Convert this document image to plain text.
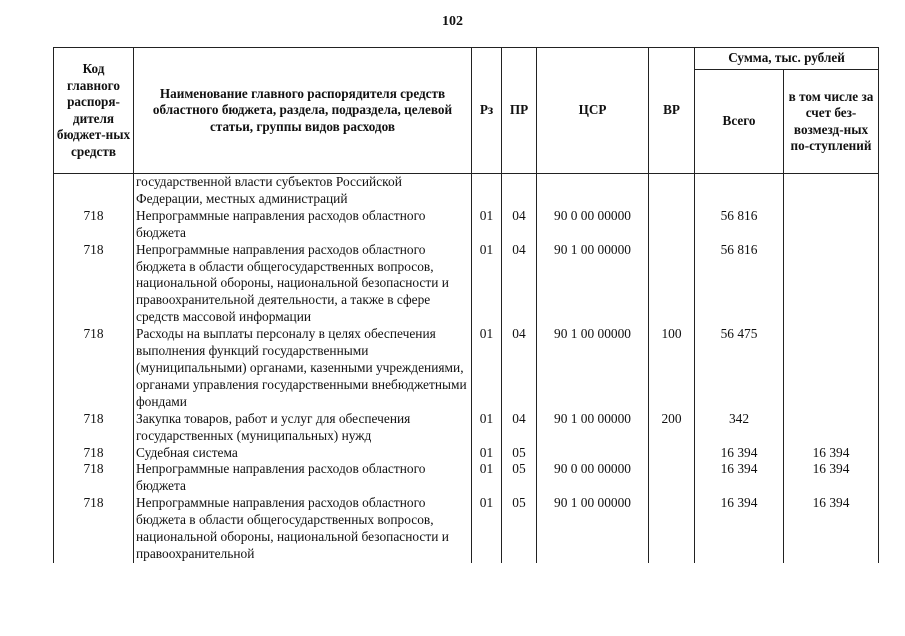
102
Код главного распоря-дителя бюджет-ных средств	Наименование главного распорядителя средств областного бюджета, раздела, подраздела, целевой статьи, группы видов расходов	Рз	ПР	ЦСР	ВР	Сумма, тыс. рублей	
						Всего	в том числе за счет без-возмезд-ных по-ступлений
	государственной власти субъектов Российской Федерации, местных администраций						
718	Непрограммные направления расходов областного бюджета	01	04	90 0 00 00000		56 816	
718	Непрограммные направления расходов областного бюджета в области общегосударственных вопросов, национальной обороны, национальной безопасности и правоохранительной деятельности, а также в сфере средств массовой информации	01	04	90 1 00 00000		56 816	
718	Расходы на выплаты персоналу в целях обеспечения выполнения функций государственными (муниципальными) органами, казенными учреждениями, органами управления государственными внебюджетными фондами	01	04	90 1 00 00000	100	56 475	
718	Закупка товаров, работ и услуг для обеспечения государственных (муниципальных) нужд	01	04	90 1 00 00000	200	342	
718	Судебная система	01	05			16 394	16 394
718	Непрограммные направления расходов областного бюджета	01	05	90 0 00 00000		16 394	16 394
718	Непрограммные направления расходов областного бюджета в области общегосударственных вопросов, национальной обороны, национальной безопасности и правоохранительной	01	05	90 1 00 00000		16 394	16 394
